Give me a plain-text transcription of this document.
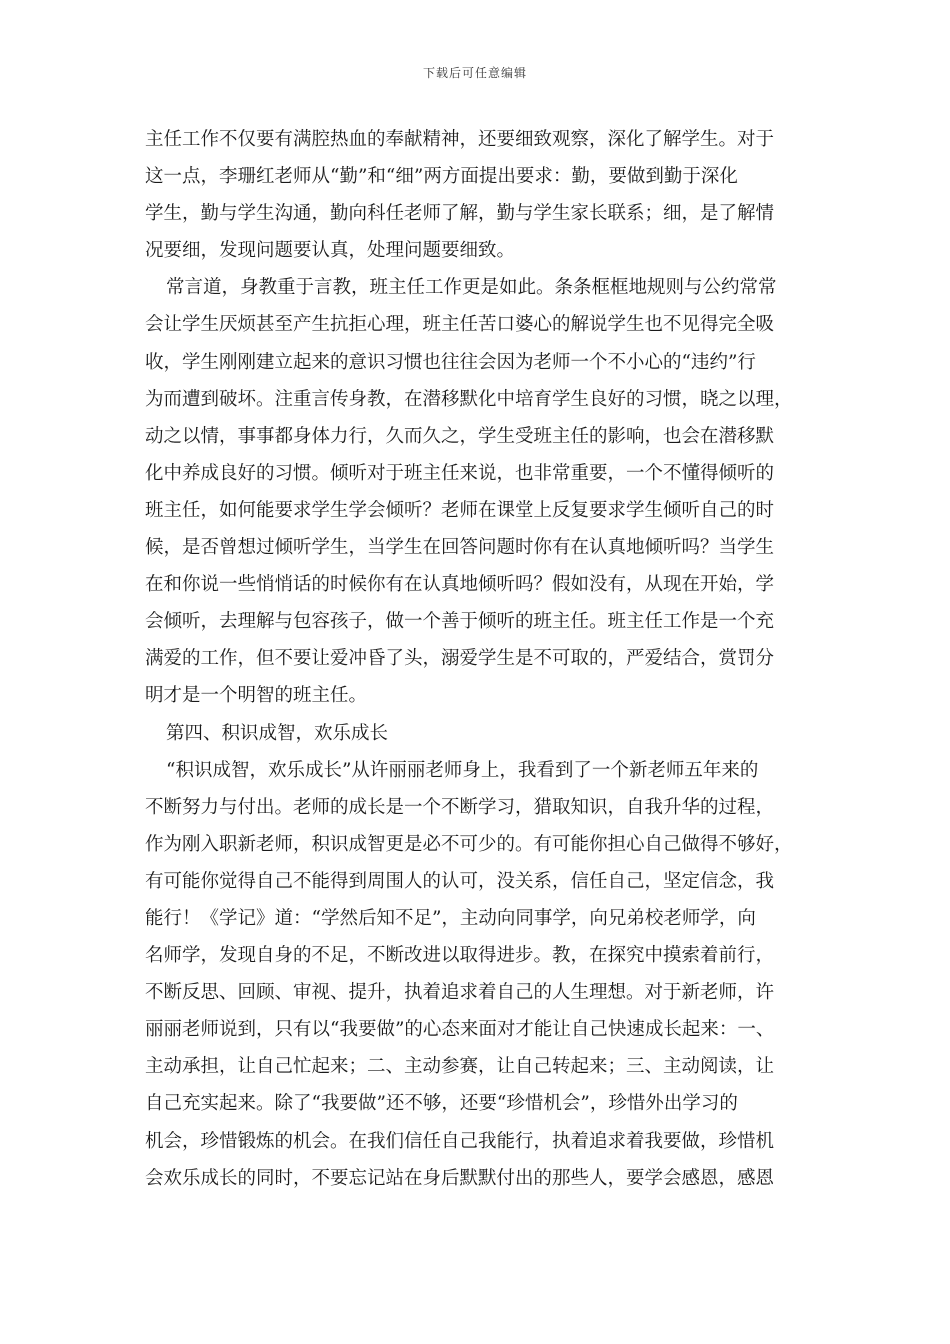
下载后可任意编辑
主任工作不仅要有满腔热血的奉献精神，还要细致观察，深化了解学生。对于
这一点，李珊红老师从“勤”和“细”两方面提出要求：勤，要做到勤于深化
学生，勤与学生沟通，勤向科任老师了解，勤与学生家长联系；细，是了解情
况要细，发现问题要认真，处理问题要细致。
常言道，身教重于言教，班主任工作更是如此。条条框框地规则与公约常常
会让学生厌烦甚至产生抗拒心理，班主任苦口婆心的解说学生也不见得完全吸
收，学生刚刚建立起来的意识习惯也往往会因为老师一个不小心的“违约”行
为而遭到破坏。注重言传身教，在潜移默化中培育学生良好的习惯，晓之以理，
动之以情，事事都身体力行，久而久之，学生受班主任的影响，也会在潜移默
化中养成良好的习惯。倾听对于班主任来说，也非常重要，一个不懂得倾听的
班主任，如何能要求学生学会倾听？老师在课堂上反复要求学生倾听自己的时
候，是否曾想过倾听学生，当学生在回答问题时你有在认真地倾听吗？当学生
在和你说一些悄悄话的时候你有在认真地倾听吗？假如没有，从现在开始，学
会倾听，去理解与包容孩子，做一个善于倾听的班主任。班主任工作是一个充
满爱的工作，但不要让爱冲昏了头，溺爱学生是不可取的，严爱结合，赏罚分
明才是一个明智的班主任。
第四、积识成智，欢乐成长
“积识成智，欢乐成长”从许丽丽老师身上，我看到了一个新老师五年来的
不断努力与付出。老师的成长是一个不断学习，猎取知识，自我升华的过程，
作为刚入职新老师，积识成智更是必不可少的。有可能你担心自己做得不够好，
有可能你觉得自己不能得到周围人的认可，没关系，信任自己，坚定信念，我
能行！《学记》道：“学然后知不足”，主动向同事学，向兄弟校老师学，向
名师学，发现自身的不足，不断改进以取得进步。教，在探究中摸索着前行，
不断反思、回顾、审视、提升，执着追求着自己的人生理想。对于新老师，许
丽丽老师说到，只有以“我要做”的心态来面对才能让自己快速成长起来：一、
主动承担，让自己忙起来；二、主动参赛，让自己转起来；三、主动阅读，让
自己充实起来。除了“我要做”还不够，还要“珍惜机会”，珍惜外出学习的
机会，珍惜锻炼的机会。在我们信任自己我能行，执着追求着我要做，珍惜机
会欢乐成长的同时，不要忘记站在身后默默付出的那些人，要学会感恩，感恩
